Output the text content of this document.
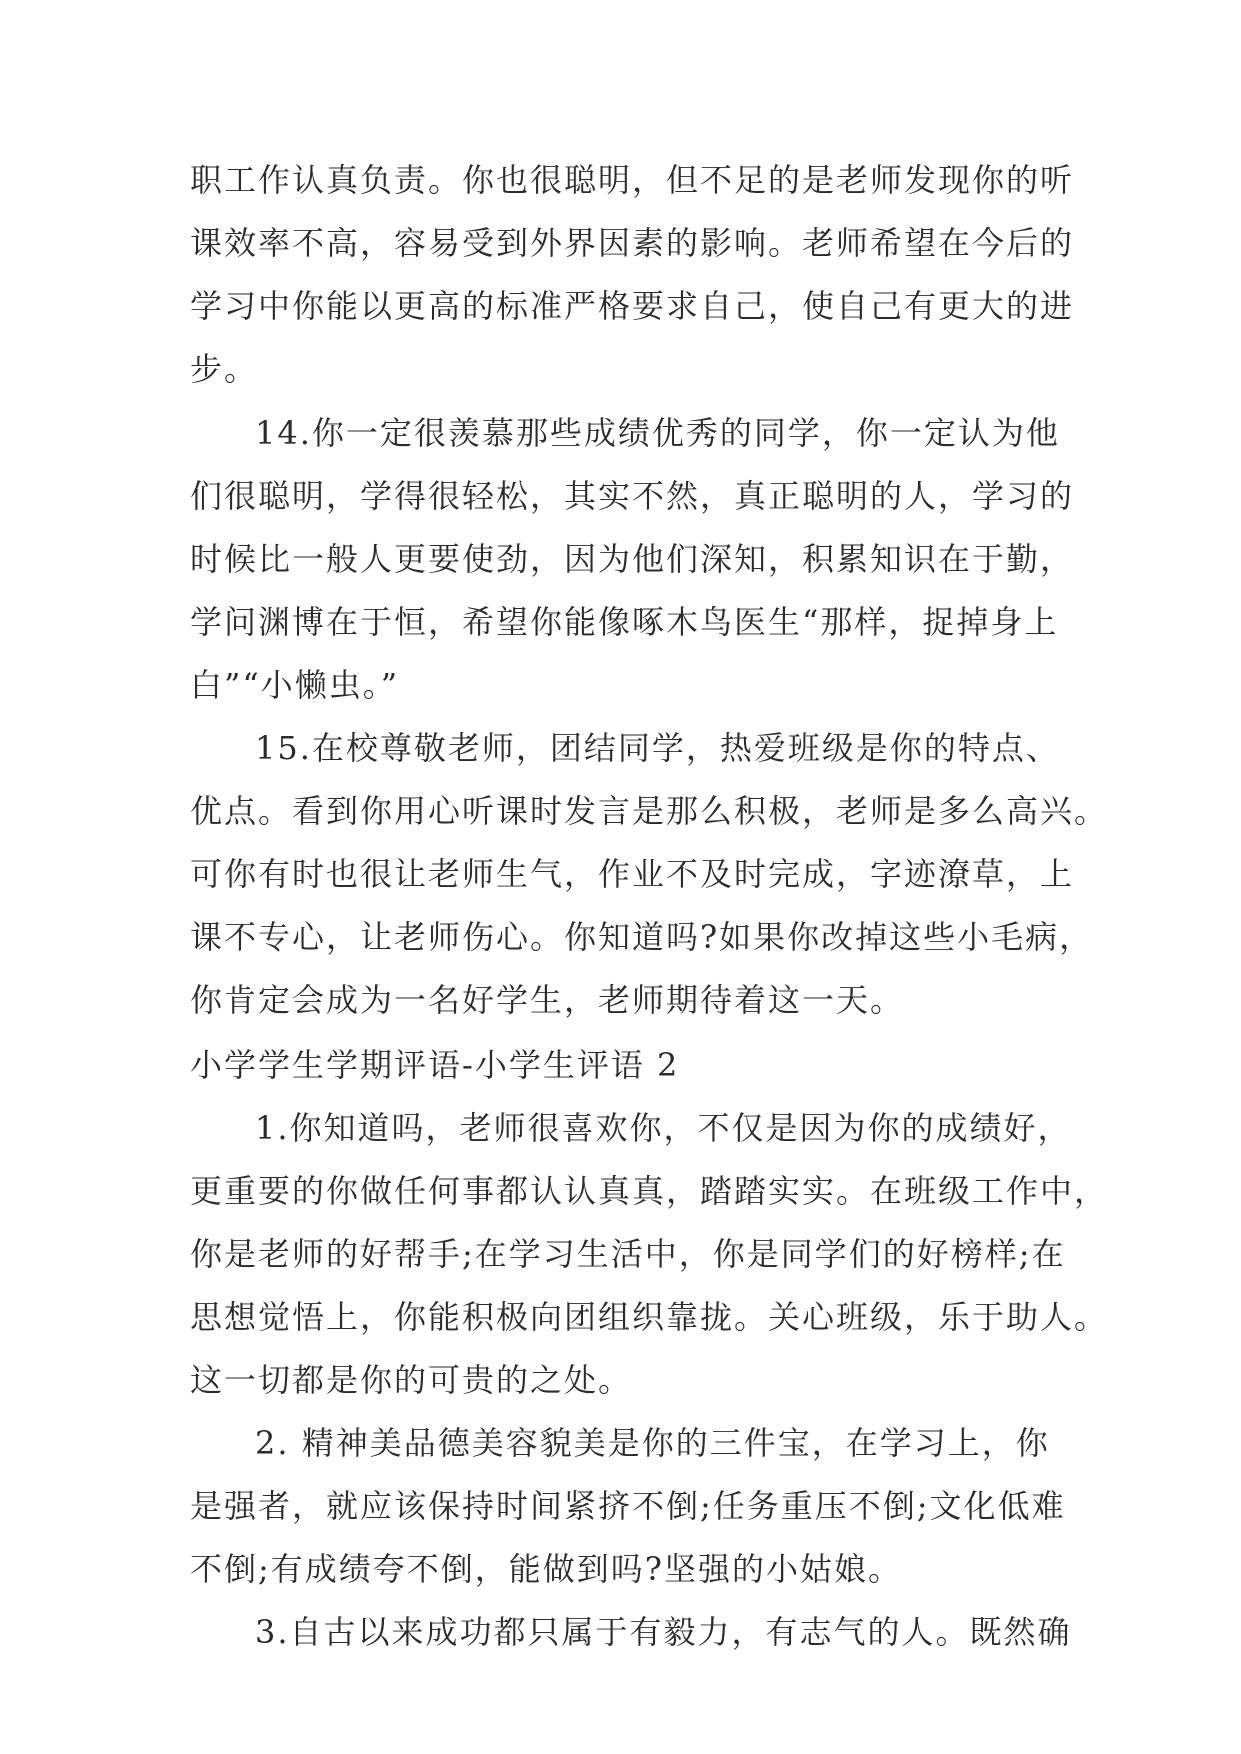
职工作认真负责。你也很聪明，但不足的是老师发现你的听
课效率不高，容易受到外界因素的影响。老师希望在今后的
学习中你能以更高的标准严格要求自己，使自己有更大的进
步。
14.你一定很羡慕那些成绩优秀的同学，你一定认为他
们很聪明，学得很轻松，其实不然，真正聪明的人，学习的
时候比一般人更要使劲，因为他们深知，积累知识在于勤，
学问渊博在于恒，希望你能像啄木鸟医生“那样，捉掉身上
白”“小懒虫。”
15.在校尊敬老师，团结同学，热爱班级是你的特点、
优点。看到你用心听课时发言是那么积极，老师是多么高兴。
可你有时也很让老师生气，作业不及时完成，字迹潦草，上
课不专心，让老师伤心。你知道吗?如果你改掉这些小毛病，
你肯定会成为一名好学生，老师期待着这一天。
小学学生学期评语-小学生评语 2
1.你知道吗，老师很喜欢你，不仅是因为你的成绩好，
更重要的你做任何事都认认真真，踏踏实实。在班级工作中，
你是老师的好帮手;在学习生活中，你是同学们的好榜样;在
思想觉悟上，你能积极向团组织靠拢。关心班级，乐于助人。
这一切都是你的可贵的之处。
2. 精神美品德美容貌美是你的三件宝，在学习上，你
是强者，就应该保持时间紧挤不倒;任务重压不倒;文化低难
不倒;有成绩夸不倒，能做到吗?坚强的小姑娘。
3.自古以来成功都只属于有毅力，有志气的人。既然确
